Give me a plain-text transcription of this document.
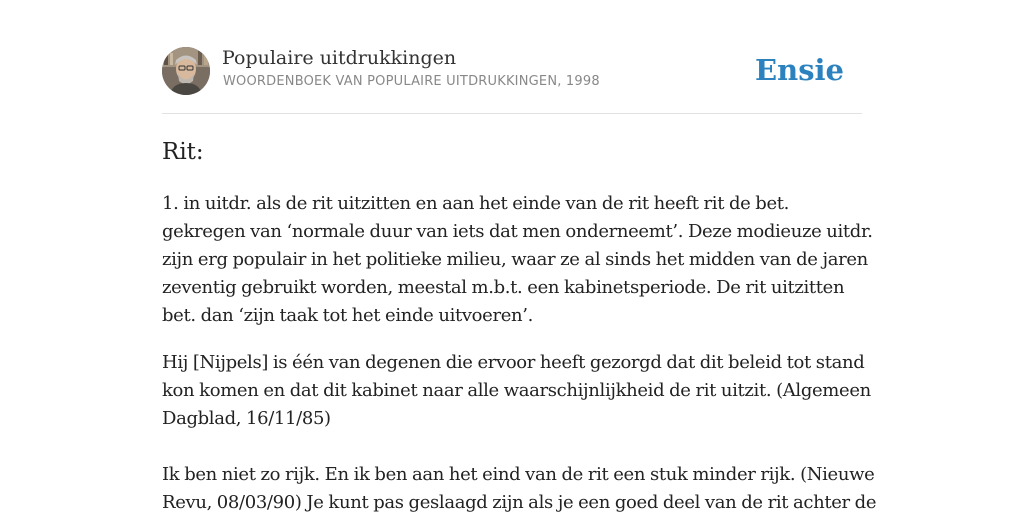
Populaire uitdrukkingen
WOORDENBOEK VAN POPULAIRE UITDRUKKINGEN, 1998	Ensie
Rit:
1. in uitdr. als de rit uitzitten en aan het einde van de rit heeft rit de bet.
gekregen van ‘normale duur van iets dat men onderneemt’. Deze modieuze uitdr.
zijn erg populair in het politieke milieu, waar ze al sinds het midden van de jaren
zeventig gebruikt worden, meestal m.b.t. een kabinetsperiode. De rit uitzitten
bet. dan ‘zijn taak tot het einde uitvoeren’.
Hij [Nijpels] is één van degenen die ervoor heeft gezorgd dat dit beleid tot stand
kon komen en dat dit kabinet naar alle waarschijnlijkheid de rit uitzit. (Algemeen
Dagblad, 16/11/85)
Ik ben niet zo rijk. En ik ben aan het eind van de rit een stuk minder rijk. (Nieuwe
Revu, 08/03/90) Je kunt pas geslaagd zijn als je een goed deel van de rit achter de
